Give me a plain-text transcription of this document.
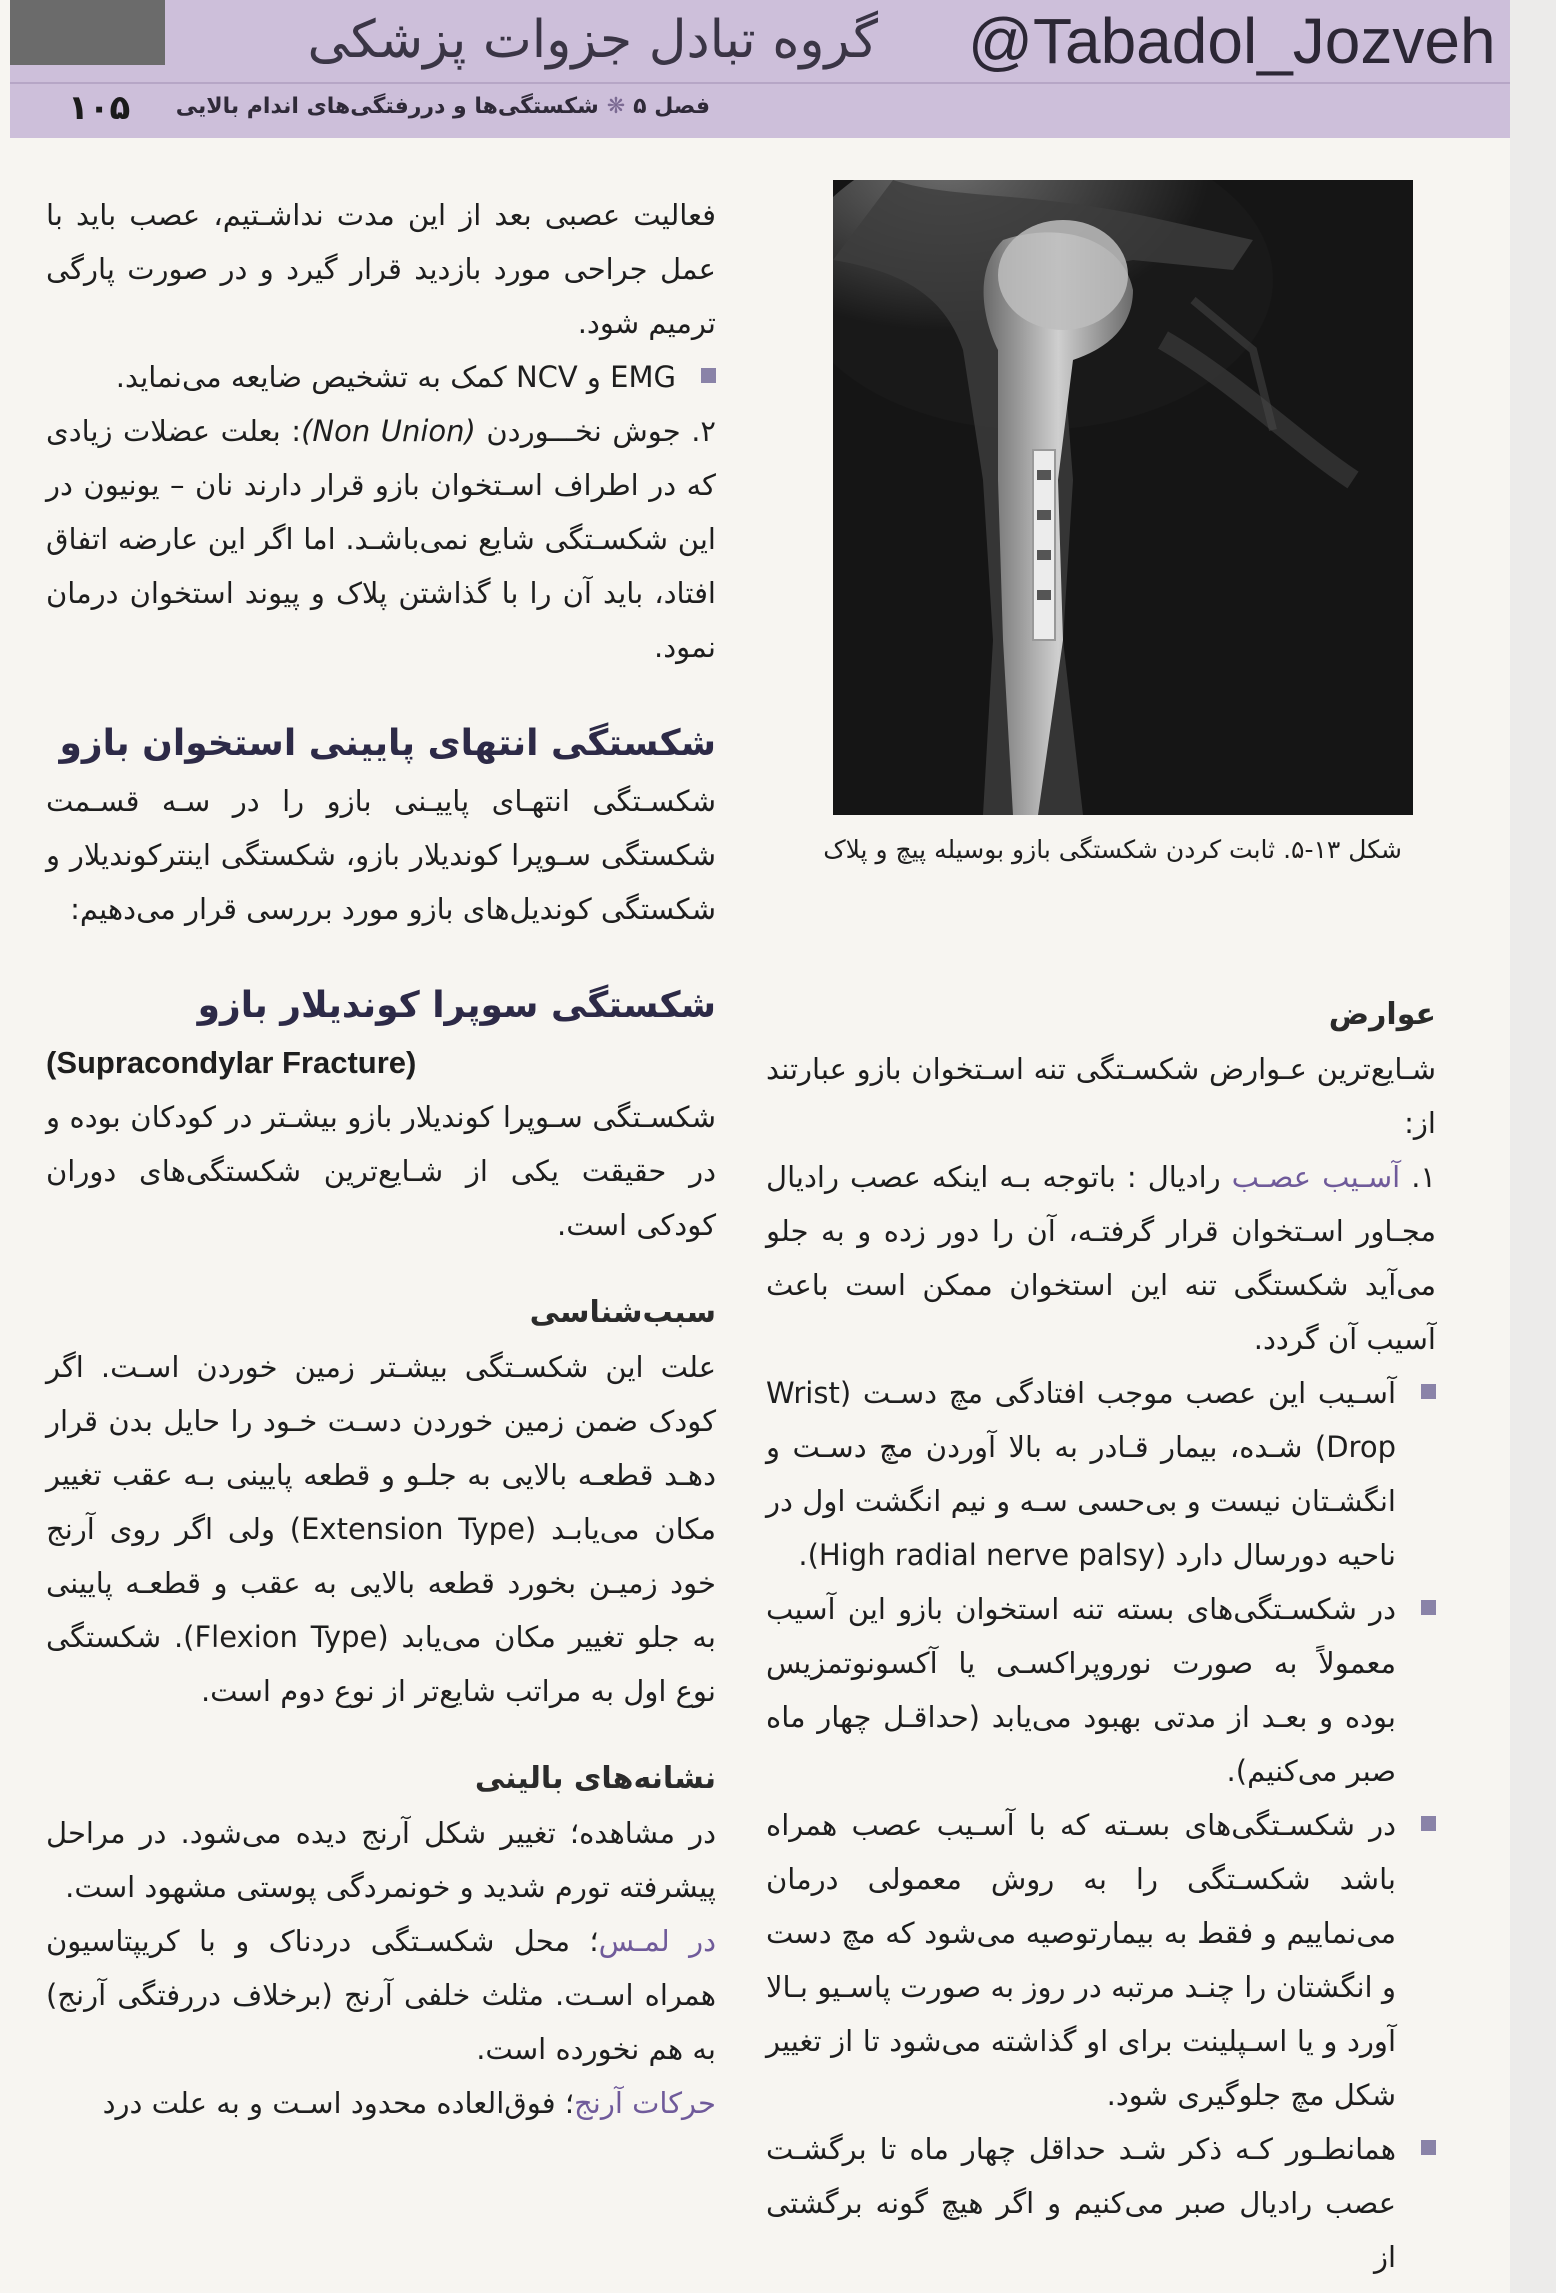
گروه تبادل جزوات پزشکی @Tabadol_Jozveh
۱۰۵	فصل ۵❋شکستگی‌ها و دررفتگی‌های اندام بالایی
شکل ۱۳-۵. ثابت کردن شکستگی بازو بوسیله پیچ و پلاک

فعالیت عصبی بعد از این مدت نداشـتیم، عصب باید با عمل جراحی مورد بازدید قرار گیرد و در صورت پارگی ترمیم شود.

EMG و NCV کمک به تشخیص ضایعه می‌نماید.

۲. جوش نخـــوردن (Non Union): بعلت عضلات زیادی که در اطراف اسـتخوان بازو قرار دارند نان – یونیون در این شکسـتگی شایع نمی‌باشـد. اما اگر این عارضه اتفاق افتاد، باید آن را با گذاشتن پلاک و پیوند استخوان درمان نمود.

شکستگی انتهای پایینی استخوان بازو

شکسـتگی انتهـای پاییـنی بازو را در سـه قسـمت شکستگی سـوپرا کوندیلار بازو، شکستگی اینترکوندیلار و شکستگی کوندیل‌های بازو مورد بررسی قرار می‌دهیم:

شکستگی سوپرا کوندیلار بازو
(Supracondylar Fracture)

شکسـتگی سـوپرا کوندیلار بازو بیشـتر در کودکان بوده و در حقیقت یکی از شـایع‌ترین شکستگی‌های دوران کودکی است.

سبب‌شناسی

علت این شکسـتگی بیشـتر زمین خوردن اسـت. اگر کودک ضمن زمین خوردن دسـت خـود را حایل بدن قرار دهـد قطعـه بالایی به جلـو و قطعه پایینی بـه عقب تغییر مکان می‌یابـد (Extension Type) ولی اگر روی آرنج خود زمیـن بخورد قطعه بالایی به عقب و قطعـه پایینی به جلو تغییر مکان می‌یابد (Flexion Type). شکستگی نوع اول به مراتب شایع‌تر از نوع دوم است.

نشانه‌های بالینی

در مشاهده؛ تغییر شکل آرنج دیده می‌شود. در مراحل پیشرفته تورم شدید و خونمردگی پوستی مشهود است.

در لمـس؛ محل شکسـتگی دردناک و با کریپتاسیون همراه اسـت. مثلث خلفی آرنج (برخلاف دررفتگی آرنج) به هم نخورده است.

حرکات آرنج؛ فوق‌العاده محدود اسـت و به علت درد

عوارض

شـایع‌ترین عـوارض شکسـتگی تنه اسـتخوان بازو عبارتند از:

۱. آسـیب عصـب رادیال : باتوجه بـه اینکه عصب رادیال مجـاور اسـتخوان قرار گرفتـه، آن را دور زده و به جلو می‌آید شکستگی تنه این استخوان ممکن است باعث آسیب آن گردد.

آسـیب این عصب موجب افتادگی مچ دسـت (Wrist Drop) شـده، بیمار قـادر به بالا آوردن مچ دسـت و انگشـتان نیست و بی‌حسی سـه و نیم انگشت اول در ناحیه دورسال دارد (High radial nerve palsy).
در شکسـتگی‌های بسته تنه استخوان بازو این آسیب معمولاً به صورت نوروپراکسـی یا آکسونوتمزیس بوده و بعـد از مدتی بهبود می‌یابد (حداقـل چهار ماه صبر می‌کنیم).
در شکسـتگی‌های بسـته که با آسـیب عصب همراه باشد شکسـتگی را به روش معمولی درمان می‌نماییم و فقط به بیمارتوصیه می‌شود که مچ دست و انگشتان را چنـد مرتبه در روز به صورت پاسـیو بـالا آورد و یا اسـپلینت برای او گذاشته می‌شود تا از تغییر شکل مچ جلوگیری شود.
همانطـور کـه ذکر شـد حداقل چهار ماه تا برگشـت عصب رادیال صبر می‌کنیم و اگر هیچ گونه برگشتی از
